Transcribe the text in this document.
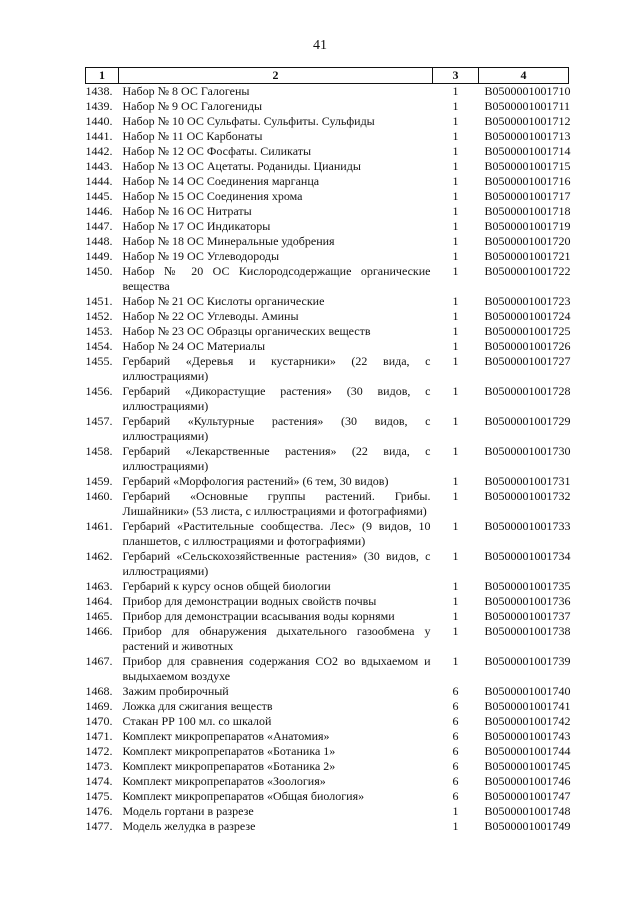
41
1	2	3	4
1438.	Набор № 8 ОС Галогены	1	B0500001001710
1439.	Набор № 9 ОС Галогениды	1	B0500001001711
1440.	Набор № 10 ОС Сульфаты. Сульфиты. Сульфиды	1	B0500001001712
1441.	Набор № 11 ОС Карбонаты	1	B0500001001713
1442.	Набор № 12 ОС Фосфаты. Силикаты	1	B0500001001714
1443.	Набор № 13 ОС Ацетаты. Роданиды. Цианиды	1	B0500001001715
1444.	Набор № 14 ОС Соединения марганца	1	B0500001001716
1445.	Набор № 15 ОС Соединения хрома	1	B0500001001717
1446.	Набор № 16 ОС Нитраты	1	B0500001001718
1447.	Набор № 17 ОС Индикаторы	1	B0500001001719
1448.	Набор № 18 ОС Минеральные удобрения	1	B0500001001720
1449.	Набор № 19 ОС Углеводороды	1	B0500001001721
1450.	Набор № 20 ОС Кислородсодержащие органические вещества	1	B0500001001722
1451.	Набор № 21 ОС Кислоты органические	1	B0500001001723
1452.	Набор № 22 ОС Углеводы. Амины	1	B0500001001724
1453.	Набор № 23 ОС Образцы органических веществ	1	B0500001001725
1454.	Набор № 24 ОС Материалы	1	B0500001001726
1455.	Гербарий «Деревья и кустарники» (22 вида, с иллюстрациями)	1	B0500001001727
1456.	Гербарий «Дикорастущие растения» (30 видов, с иллюстрациями)	1	B0500001001728
1457.	Гербарий «Культурные растения» (30 видов, с иллюстрациями)	1	B0500001001729
1458.	Гербарий «Лекарственные растения» (22 вида, с иллюстрациями)	1	B0500001001730
1459.	Гербарий «Морфология растений» (6 тем, 30 видов)	1	B0500001001731
1460.	Гербарий «Основные группы растений. Грибы. Лишайники» (53 листа, с иллюстрациями и фотографиями)	1	B0500001001732
1461.	Гербарий «Растительные сообщества. Лес» (9 видов, 10 планшетов, с иллюстрациями и фотографиями)	1	B0500001001733
1462.	Гербарий «Сельскохозяйственные растения» (30 видов, с иллюстрациями)	1	B0500001001734
1463.	Гербарий к курсу основ общей биологии	1	B0500001001735
1464.	Прибор для демонстрации водных свойств почвы	1	B0500001001736
1465.	Прибор для демонстрации всасывания воды корнями	1	B0500001001737
1466.	Прибор для обнаружения дыхательного газообмена у растений и животных	1	B0500001001738
1467.	Прибор для сравнения содержания CO2 во вдыхаемом и выдыхаемом воздухе	1	B0500001001739
1468.	Зажим пробирочный	6	B0500001001740
1469.	Ложка для сжигания веществ	6	B0500001001741
1470.	Стакан РР 100 мл. со шкалой	6	B0500001001742
1471.	Комплект микропрепаратов «Анатомия»	6	B0500001001743
1472.	Комплект микропрепаратов «Ботаника 1»	6	B0500001001744
1473.	Комплект микропрепаратов «Ботаника 2»	6	B0500001001745
1474.	Комплект микропрепаратов «Зоология»	6	B0500001001746
1475.	Комплект микропрепаратов «Общая биология»	6	B0500001001747
1476.	Модель гортани в разрезе	1	B0500001001748
1477.	Модель желудка в разрезе	1	B0500001001749
